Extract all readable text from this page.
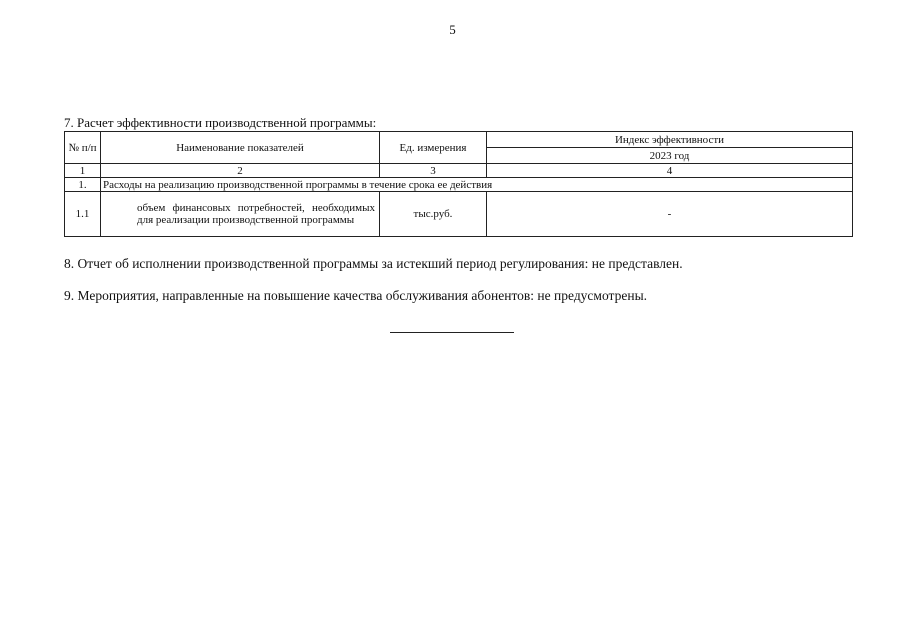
5
7. Расчет эффективности производственной программы:
№ п/п	Наименование показателей	Ед. измерения	Индекс эффективности
			2023 год
1	2	3	4
1.	Расходы на реализацию производственной программы в течение срока ее действия		
1.1	объем финансовых потребностей, необходимых для реализации производственной программы	тыс.руб.	-
8. Отчет об исполнении производственной программы за истекший период регулирования: не представлен.
9. Мероприятия, направленные на повышение качества обслуживания абонентов: не предусмотрены.
